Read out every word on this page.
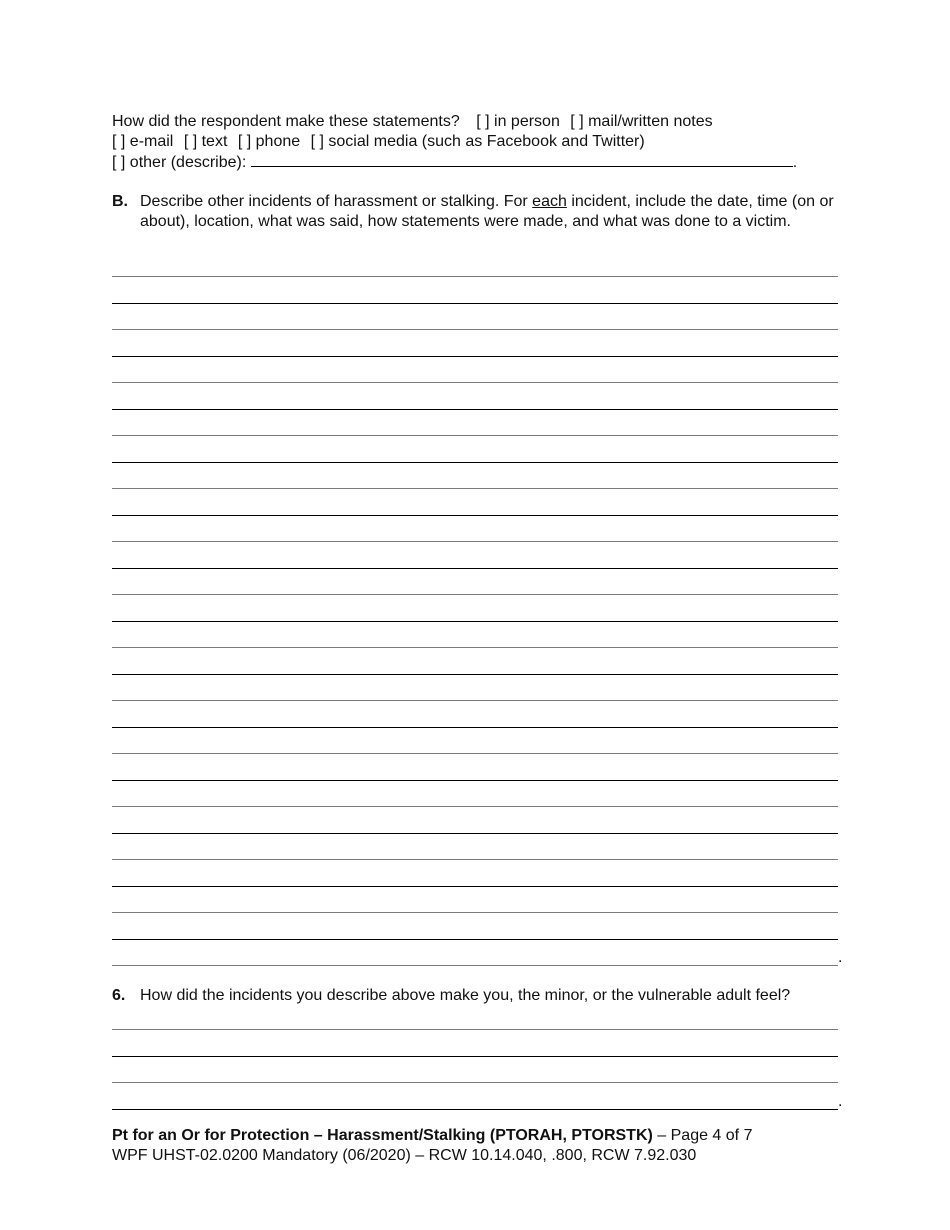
How did the respondent make these statements? [ ] in person [ ] mail/written notes
[ ] e-mail [ ] text [ ] phone [ ] social media (such as Facebook and Twitter)
[ ] other (describe):	.
B. Describe other incidents of harassment or stalking. For each incident, include the date, time (on or about), location, what was said, how statements were made, and what was done to a victim.
.
6. How did the incidents you describe above make you, the minor, or the vulnerable adult feel?
.
Pt for an Or for Protection – Harassment/Stalking (PTORAH, PTORSTK) – Page 4 of 7
WPF UHST-02.0200 Mandatory (06/2020) – RCW 10.14.040, .800, RCW 7.92.030
